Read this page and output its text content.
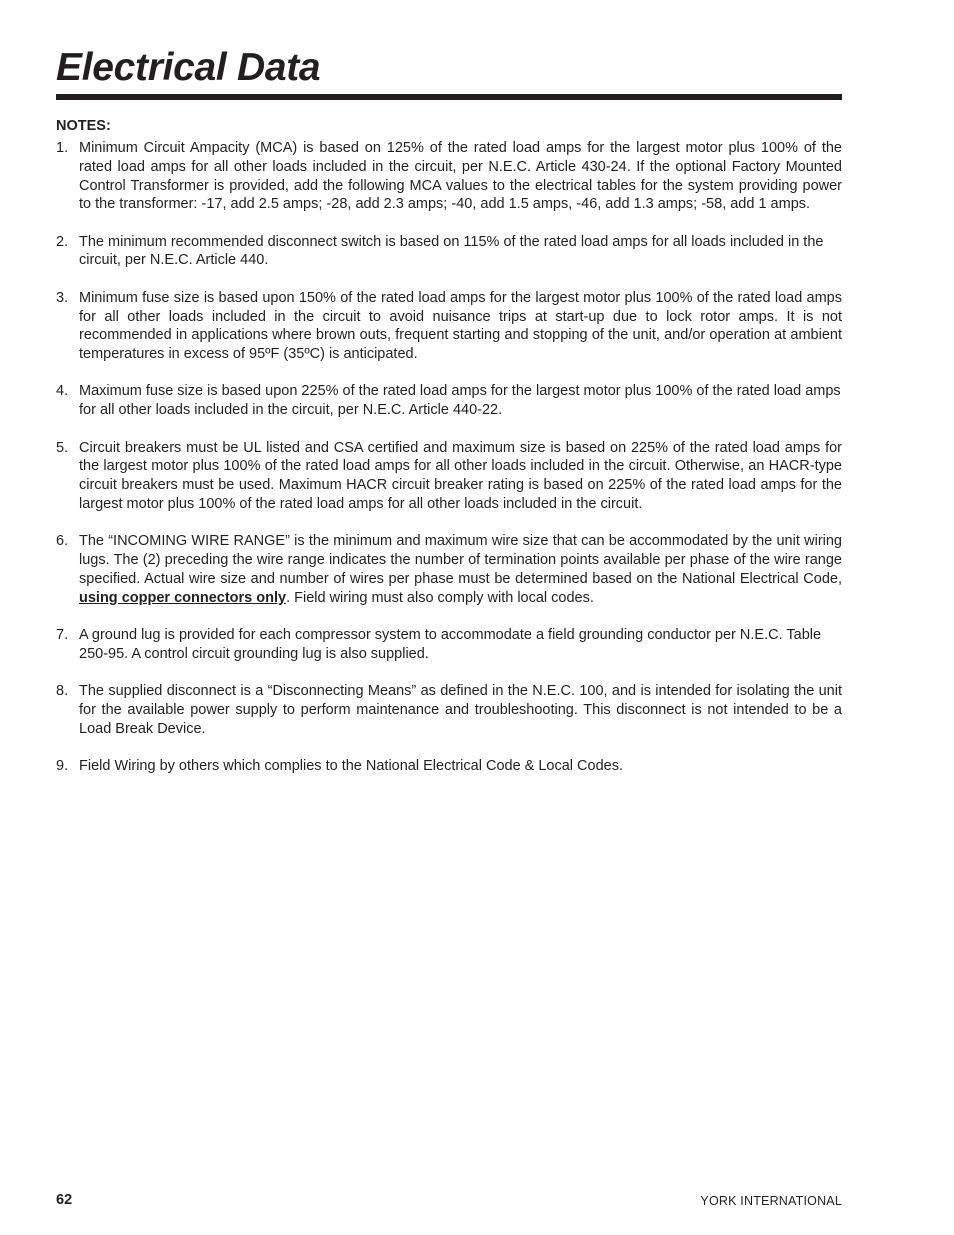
Electrical Data
NOTES:
1. Minimum Circuit Ampacity (MCA) is based on 125% of the rated load amps for the largest motor plus 100% of the rated load amps for all other loads included in the circuit, per N.E.C. Article 430-24. If the optional Factory Mounted Control Transformer is provided, add the following MCA values to the electrical tables for the system providing power to the transformer: -17, add 2.5 amps; -28, add 2.3 amps; -40, add 1.5 amps, -46, add 1.3 amps; -58, add 1 amps.
2. The minimum recommended disconnect switch is based on 115% of the rated load amps for all loads included in the circuit, per N.E.C. Article 440.
3. Minimum fuse size is based upon 150% of the rated load amps for the largest motor plus 100% of the rated load amps for all other loads included in the circuit to avoid nuisance trips at start-up due to lock rotor amps. It is not recommended in applications where brown outs, frequent starting and stopping of the unit, and/or operation at ambient temperatures in excess of 95ºF (35ºC) is anticipated.
4. Maximum fuse size is based upon 225% of the rated load amps for the largest motor plus 100% of the rated load amps for all other loads included in the circuit, per N.E.C. Article 440-22.
5. Circuit breakers must be UL listed and CSA certified and maximum size is based on 225% of the rated load amps for the largest motor plus 100% of the rated load amps for all other loads included in the circuit. Otherwise, an HACR-type circuit breakers must be used. Maximum HACR circuit breaker rating is based on 225% of the rated load amps for the largest motor plus 100% of the rated load amps for all other loads included in the circuit.
6. The “INCOMING WIRE RANGE” is the minimum and maximum wire size that can be accommodated by the unit wiring lugs. The (2) preceding the wire range indicates the number of termination points available per phase of the wire range specified. Actual wire size and number of wires per phase must be determined based on the National Electrical Code, using copper connectors only. Field wiring must also comply with local codes.
7. A ground lug is provided for each compressor system to accommodate a field grounding conductor per N.E.C. Table 250-95. A control circuit grounding lug is also supplied.
8. The supplied disconnect is a “Disconnecting Means” as defined in the N.E.C. 100, and is intended for isolating the unit for the available power supply to perform maintenance and troubleshooting. This disconnect is not intended to be a Load Break Device.
9. Field Wiring by others which complies to the National Electrical Code & Local Codes.
62	YORK INTERNATIONAL
